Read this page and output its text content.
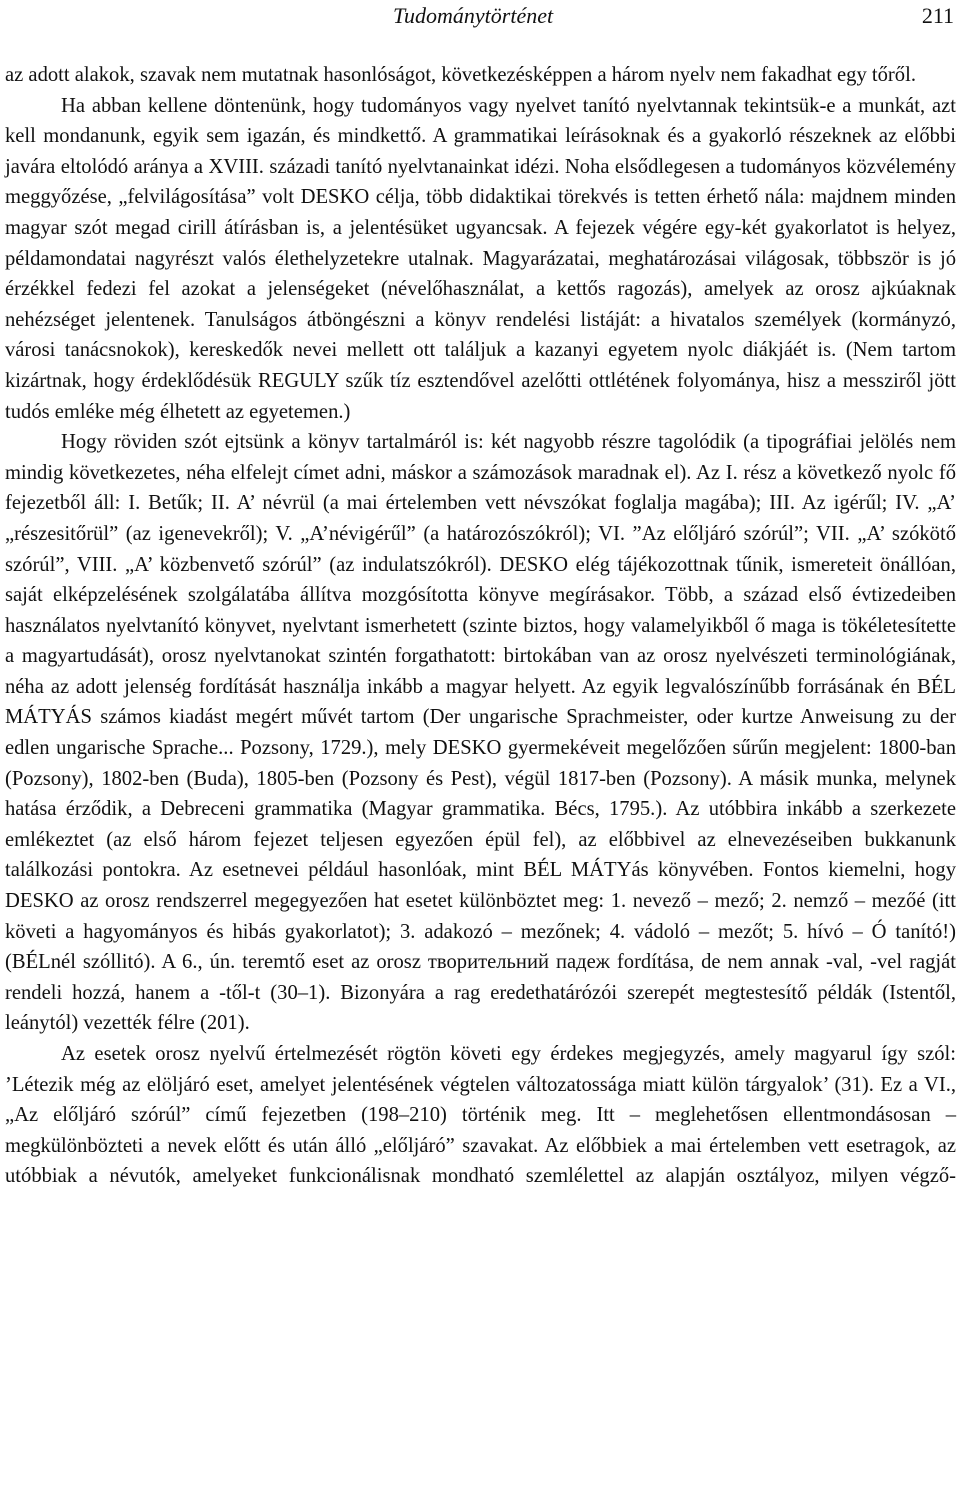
Tudománytörténet	211

az adott alakok, szavak nem mutatnak hasonlóságot, következésképpen a három nyelv nem fakadhat egy tőről.

Ha abban kellene döntenünk, hogy tudományos vagy nyelvet tanító nyelvtannak tekintsük-e a munkát, azt kell mondanunk, egyik sem igazán, és mindkettő. A grammatikai leírásoknak és a gyakorló részeknek az előbbi javára eltolódó aránya a XVIII. századi tanító nyelvtanainkat idézi. Noha elsődlegesen a tudományos közvélemény meggyőzése, „felvilágosítása” volt DESKO célja, több didaktikai törekvés is tetten érhető nála: majdnem minden magyar szót megad cirill átírásban is, a jelentésüket ugyancsak. A fejezek végére egy-két gyakorlatot is helyez, példamondatai nagyrészt valós élethelyzetekre utalnak. Magyarázatai, meghatározásai világosak, többször is jó érzékkel fedezi fel azokat a jelenségeket (névelőhasználat, a kettős ragozás), amelyek az orosz ajkúaknak nehézséget jelentenek. Tanulságos átböngészni a könyv rendelési listáját: a hivatalos személyek (kormányzó, városi tanácsnokok), kereskedők nevei mellett ott találjuk a kazanyi egyetem nyolc diákjáét is. (Nem tartom kizártnak, hogy érdeklődésük REGULY szűk tíz esztendővel azelőtti ottlétének folyománya, hisz a messziről jött tudós emléke még élhetett az egyetemen.)

Hogy röviden szót ejtsünk a könyv tartalmáról is: két nagyobb részre tagolódik (a tipográfiai jelölés nem mindig következetes, néha elfelejt címet adni, máskor a számozások maradnak el). Az I. rész a következő nyolc fő fejezetből áll: I. Betűk; II. A’ névrül (a mai értelemben vett névszókat foglalja magába); III. Az igérűl; IV. „A’ „részesitőrül” (az igenevekről); V. „A’névigérűl” (a határozószókról); VI. ”Az előljáró szórúl”; VII. „A’ szókötő szórúl”, VIII. „A’ közbenvető szórúl” (az indulatszókról). DESKO elég tájékozottnak tűnik, ismereteit önállóan, saját elképzelésének szolgálatába állítva mozgósította könyve megírásakor. Több, a század első évtizedeiben használatos nyelvtanító könyvet, nyelvtant ismerhetett (szinte biztos, hogy valamelyikből ő maga is tökéletesítette a magyartudását), orosz nyelvtanokat szintén forgathatott: birtokában van az orosz nyelvészeti terminológiának, néha az adott jelenség fordítását használja inkább a magyar helyett. Az egyik legvalószínűbb forrásának én BÉL MÁTYÁS számos kiadást megért művét tartom (Der ungarische Sprachmeister, oder kurtze Anweisung zu der edlen ungarische Sprache... Pozsony, 1729.), mely DESKO gyermekéveit megelőzően sűrűn megjelent: 1800-ban (Pozsony), 1802-ben (Buda), 1805-ben (Pozsony és Pest), végül 1817-ben (Pozsony). A másik munka, melynek hatása érződik, a Debreceni grammatika (Magyar grammatika. Bécs, 1795.). Az utóbbira inkább a szerkezete emlékeztet (az első három fejezet teljesen egyezően épül fel), az előbbivel az elnevezéseiben bukkanunk találkozási pontokra. Az esetnevei például hasonlóak, mint BÉL MÁTYás könyvében. Fontos kiemelni, hogy DESKO az orosz rendszerrel megegyezően hat esetet különböztet meg: 1. nevező – mező; 2. nemző – mezőé (itt követi a hagyományos és hibás gyakorlatot); 3. adakozó – mezőnek; 4. vádoló – mezőt; 5. hívó – Ó tanító!) (BÉLnél szóllitó). A 6., ún. teremtő eset az orosz творительний падеж fordítása, de nem annak -val, -vel ragját rendeli hozzá, hanem a -től-t (30–1). Bizonyára a rag eredethatárózói szerepét megtestesítő példák (Istentől, leánytól) vezették félre (201).

Az esetek orosz nyelvű értelmezését rögtön követi egy érdekes megjegyzés, amely magyarul így szól: ’Létezik még az elöljáró eset, amelyet jelentésének végtelen változatossága miatt külön tárgyalok’ (31). Ez a VI., „Az előljáró szórúl” című fejezetben (198–210) történik meg. Itt – meglehetősen ellentmondásosan – megkülönbözteti a nevek előtt és után álló „előljáró” szavakat. Az előbbiek a mai értelemben vett esetragok, az utóbbiak a névutók, amelyeket funkcionálisnak mondható szemlélettel az alapján osztályoz, milyen végző-
